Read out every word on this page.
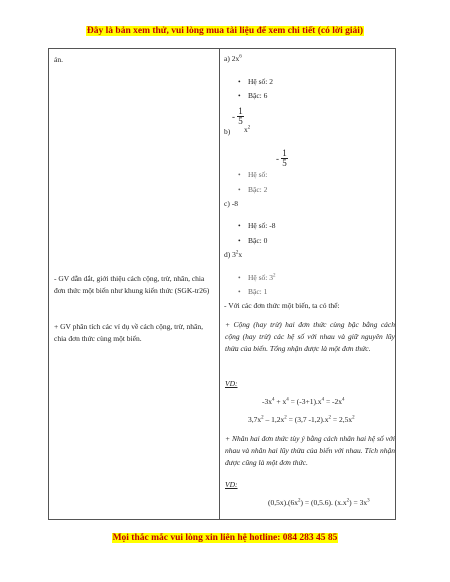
Đây là bản xem thử, vui lòng mua tài liệu để xem chi tiết (có lời giải)
án.
- GV dẫn dắt, giới thiệu cách cộng, trừ, nhân, chia đơn thức một biến như khung kiến thức (SGK-tr26)
+ GV phân tích các ví dụ về cách cộng, trừ, nhân, chia đơn thức cùng một biến.

a) $2x^6$
• Hệ số: 2
• Bậc: 6
- $\frac{1}{5}$
b) $x^2$
- $\frac{1}{5}$
• Hệ số:
• Bậc: 2
c) -8
• Hệ số: -8
• Bậc: 0
d) $3^2x$
• Hệ số: $3^2$
• Bậc: 1
- Với các đơn thức một biến, ta có thể:
+ Cộng (hay trừ) hai đơn thức cùng bậc bằng cách cộng (hay trừ) các hệ số với nhau và giữ nguyên lũy thừa của biến. Tổng nhận được là một đơn thức.
VD:
$-3x^4 + x^4 = (-3+1).x^4 = -2x^4$
$3,7x^2 - 1,2x^2 = (3,7$ $-1,2).x^2 = 2,5x^2$
+ Nhân hai đơn thức tùy ý bằng cách nhân hai hệ số với nhau và nhân hai lũy thừa của biến với nhau. Tích nhận được cũng là một đơn thức.
VD:
$(0,5x).(6x^2) = (0,5.6)$. $(x.x^2) = 3x^3$
Mọi thắc mắc vui lòng xin liên hệ hotline: 084 283 45 85
